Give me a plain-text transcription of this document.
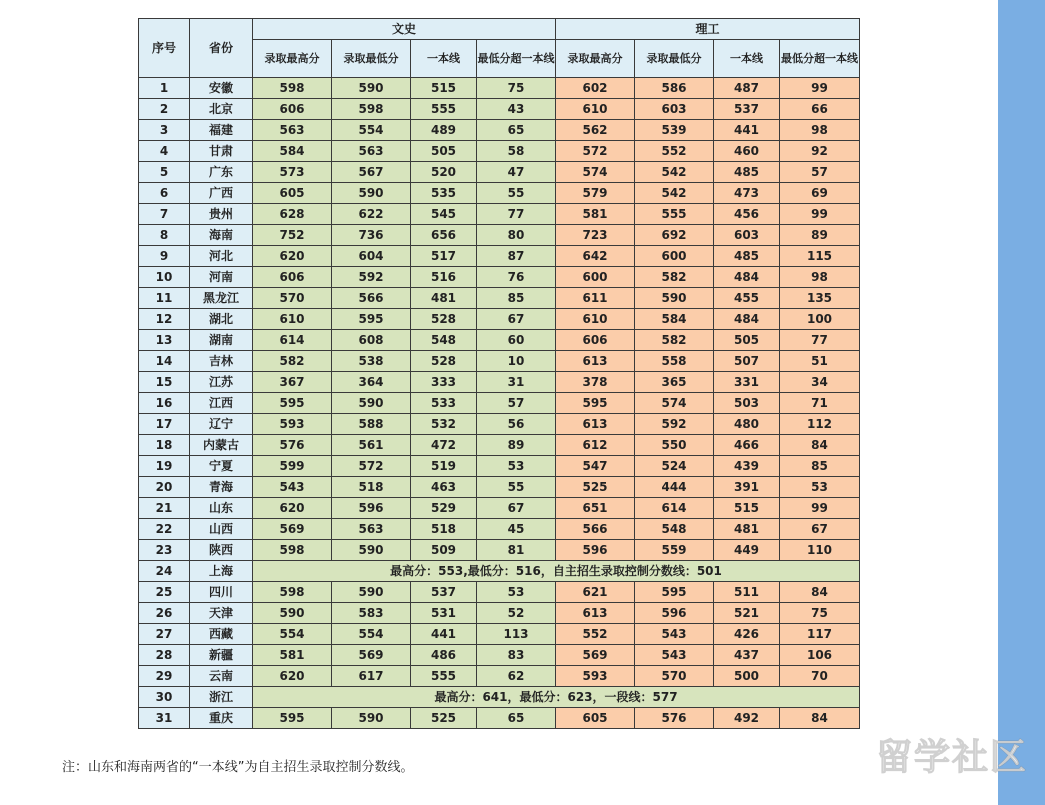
序号	省份	文史				理工			
		录取最高分	录取最低分	一本线	最低分超一本线	录取最高分	录取最低分	一本线	最低分超一本线
1	安徽	598	590	515	75	602	586	487	99
2	北京	606	598	555	43	610	603	537	66
3	福建	563	554	489	65	562	539	441	98
4	甘肃	584	563	505	58	572	552	460	92
5	广东	573	567	520	47	574	542	485	57
6	广西	605	590	535	55	579	542	473	69
7	贵州	628	622	545	77	581	555	456	99
8	海南	752	736	656	80	723	692	603	89
9	河北	620	604	517	87	642	600	485	115
10	河南	606	592	516	76	600	582	484	98
11	黑龙江	570	566	481	85	611	590	455	135
12	湖北	610	595	528	67	610	584	484	100
13	湖南	614	608	548	60	606	582	505	77
14	吉林	582	538	528	10	613	558	507	51
15	江苏	367	364	333	31	378	365	331	34
16	江西	595	590	533	57	595	574	503	71
17	辽宁	593	588	532	56	613	592	480	112
18	内蒙古	576	561	472	89	612	550	466	84
19	宁夏	599	572	519	53	547	524	439	85
20	青海	543	518	463	55	525	444	391	53
21	山东	620	596	529	67	651	614	515	99
22	山西	569	563	518	45	566	548	481	67
23	陕西	598	590	509	81	596	559	449	110
24	上海	最高分：553,最低分：516，自主招生录取控制分数线：501							
25	四川	598	590	537	53	621	595	511	84
26	天津	590	583	531	52	613	596	521	75
27	西藏	554	554	441	113	552	543	426	117
28	新疆	581	569	486	83	569	543	437	106
29	云南	620	617	555	62	593	570	500	70
30	浙江	最高分：641，最低分：623，一段线：577							
31	重庆	595	590	525	65	605	576	492	84
注：山东和海南两省的“一本线”为自主招生录取控制分数线。	留学社区
bbs.liuxue86.com
